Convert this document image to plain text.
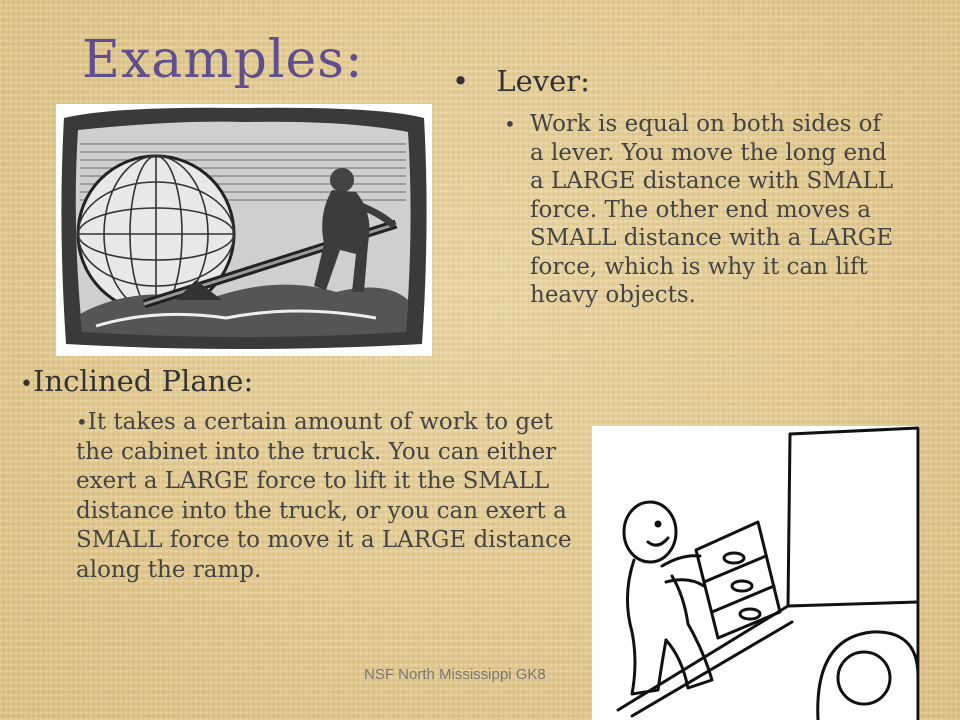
Examples:	• Lever:
• Work is equal on both sides of a lever. You move the long end a LARGE distance with SMALL force. The other end moves a SMALL distance with a LARGE force, which is why it can lift heavy objects.
•Inclined Plane:
•It takes a certain amount of work to get the cabinet into the truck. You can either exert a LARGE force to lift it the SMALL distance into the truck, or you can exert a SMALL force to move it a LARGE distance along the ramp.
NSF North Mississippi GK8
